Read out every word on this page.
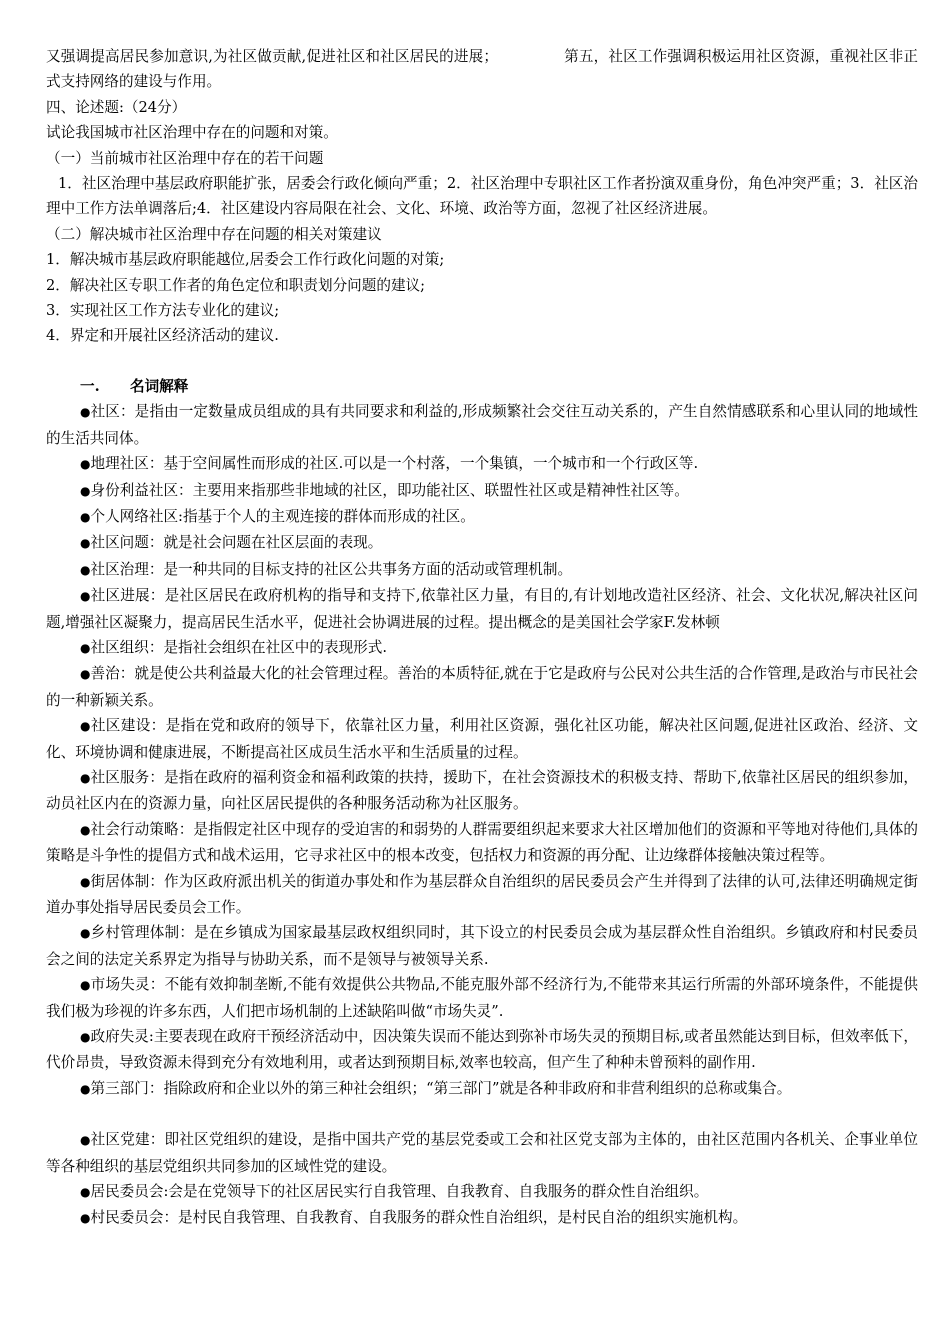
又强调提高居民参加意识,为社区做贡献,促进社区和社区居民的进展；	第五，社区工作强调积极运用社区资源，重视社区非正式支持网络的建设与作用。

四、论述题:（24分）

试论我国城市社区治理中存在的问题和对策。

（一）当前城市社区治理中存在的若干问题

1．社区治理中基层政府职能扩张，居委会行政化倾向严重；2．社区治理中专职社区工作者扮演双重身份，角色冲突严重；3．社区治理中工作方法单调落后;4．社区建设内容局限在社会、文化、环境、政治等方面，忽视了社区经济进展。

（二）解决城市社区治理中存在问题的相关对策建议

1．解决城市基层政府职能越位,居委会工作行政化问题的对策;

2．解决社区专职工作者的角色定位和职责划分问题的建议;

3．实现社区工作方法专业化的建议;

4．界定和开展社区经济活动的建议.

一. 名词解释

●社区：是指由一定数量成员组成的具有共同要求和利益的,形成频繁社会交往互动关系的，产生自然情感联系和心里认同的地域性的生活共同体。

●地理社区：基于空间属性而形成的社区.可以是一个村落，一个集镇，一个城市和一个行政区等.

●身份利益社区：主要用来指那些非地域的社区，即功能社区、联盟性社区或是精神性社区等。

●个人网络社区:指基于个人的主观连接的群体而形成的社区。

●社区问题：就是社会问题在社区层面的表现。

●社区治理：是一种共同的目标支持的社区公共事务方面的活动或管理机制。

●社区进展：是社区居民在政府机构的指导和支持下,依靠社区力量，有目的,有计划地改造社区经济、社会、文化状况,解决社区问题,增强社区凝聚力，提高居民生活水平，促进社会协调进展的过程。提出概念的是美国社会学家F.发林顿

●社区组织：是指社会组织在社区中的表现形式.

●善治：就是使公共利益最大化的社会管理过程。善治的本质特征,就在于它是政府与公民对公共生活的合作管理,是政治与市民社会的一种新颖关系。

●社区建设：是指在党和政府的领导下，依靠社区力量，利用社区资源，强化社区功能，解决社区问题,促进社区政治、经济、文化、环境协调和健康进展，不断提高社区成员生活水平和生活质量的过程。

●社区服务：是指在政府的福利资金和福利政策的扶持，援助下，在社会资源技术的积极支持、帮助下,依靠社区居民的组织参加，动员社区内在的资源力量，向社区居民提供的各种服务活动称为社区服务。

●社会行动策略：是指假定社区中现存的受迫害的和弱势的人群需要组织起来要求大社区增加他们的资源和平等地对待他们,具体的策略是斗争性的提倡方式和战术运用，它寻求社区中的根本改变，包括权力和资源的再分配、让边缘群体接触决策过程等。

●街居体制：作为区政府派出机关的街道办事处和作为基层群众自治组织的居民委员会产生并得到了法律的认可,法律还明确规定街道办事处指导居民委员会工作。

●乡村管理体制：是在乡镇成为国家最基层政权组织同时，其下设立的村民委员会成为基层群众性自治组织。乡镇政府和村民委员会之间的法定关系界定为指导与协助关系，而不是领导与被领导关系.

●市场失灵：不能有效抑制垄断,不能有效提供公共物品,不能克服外部不经济行为,不能带来其运行所需的外部环境条件，不能提供我们极为珍视的许多东西，人们把市场机制的上述缺陷叫做“市场失灵”.

●政府失灵:主要表现在政府干预经济活动中，因决策失误而不能达到弥补市场失灵的预期目标,或者虽然能达到目标，但效率低下，代价昂贵，导致资源未得到充分有效地利用，或者达到预期目标,效率也较高，但产生了种种未曾预料的副作用.

●第三部门：指除政府和企业以外的第三种社会组织；“第三部门”就是各种非政府和非营利组织的总称或集合。

●社区党建：即社区党组织的建设，是指中国共产党的基层党委或工会和社区党支部为主体的，由社区范围内各机关、企事业单位等各种组织的基层党组织共同参加的区域性党的建设。

●居民委员会:会是在党领导下的社区居民实行自我管理、自我教育、自我服务的群众性自治组织。

●村民委员会：是村民自我管理、自我教育、自我服务的群众性自治组织，是村民自治的组织实施机构。
